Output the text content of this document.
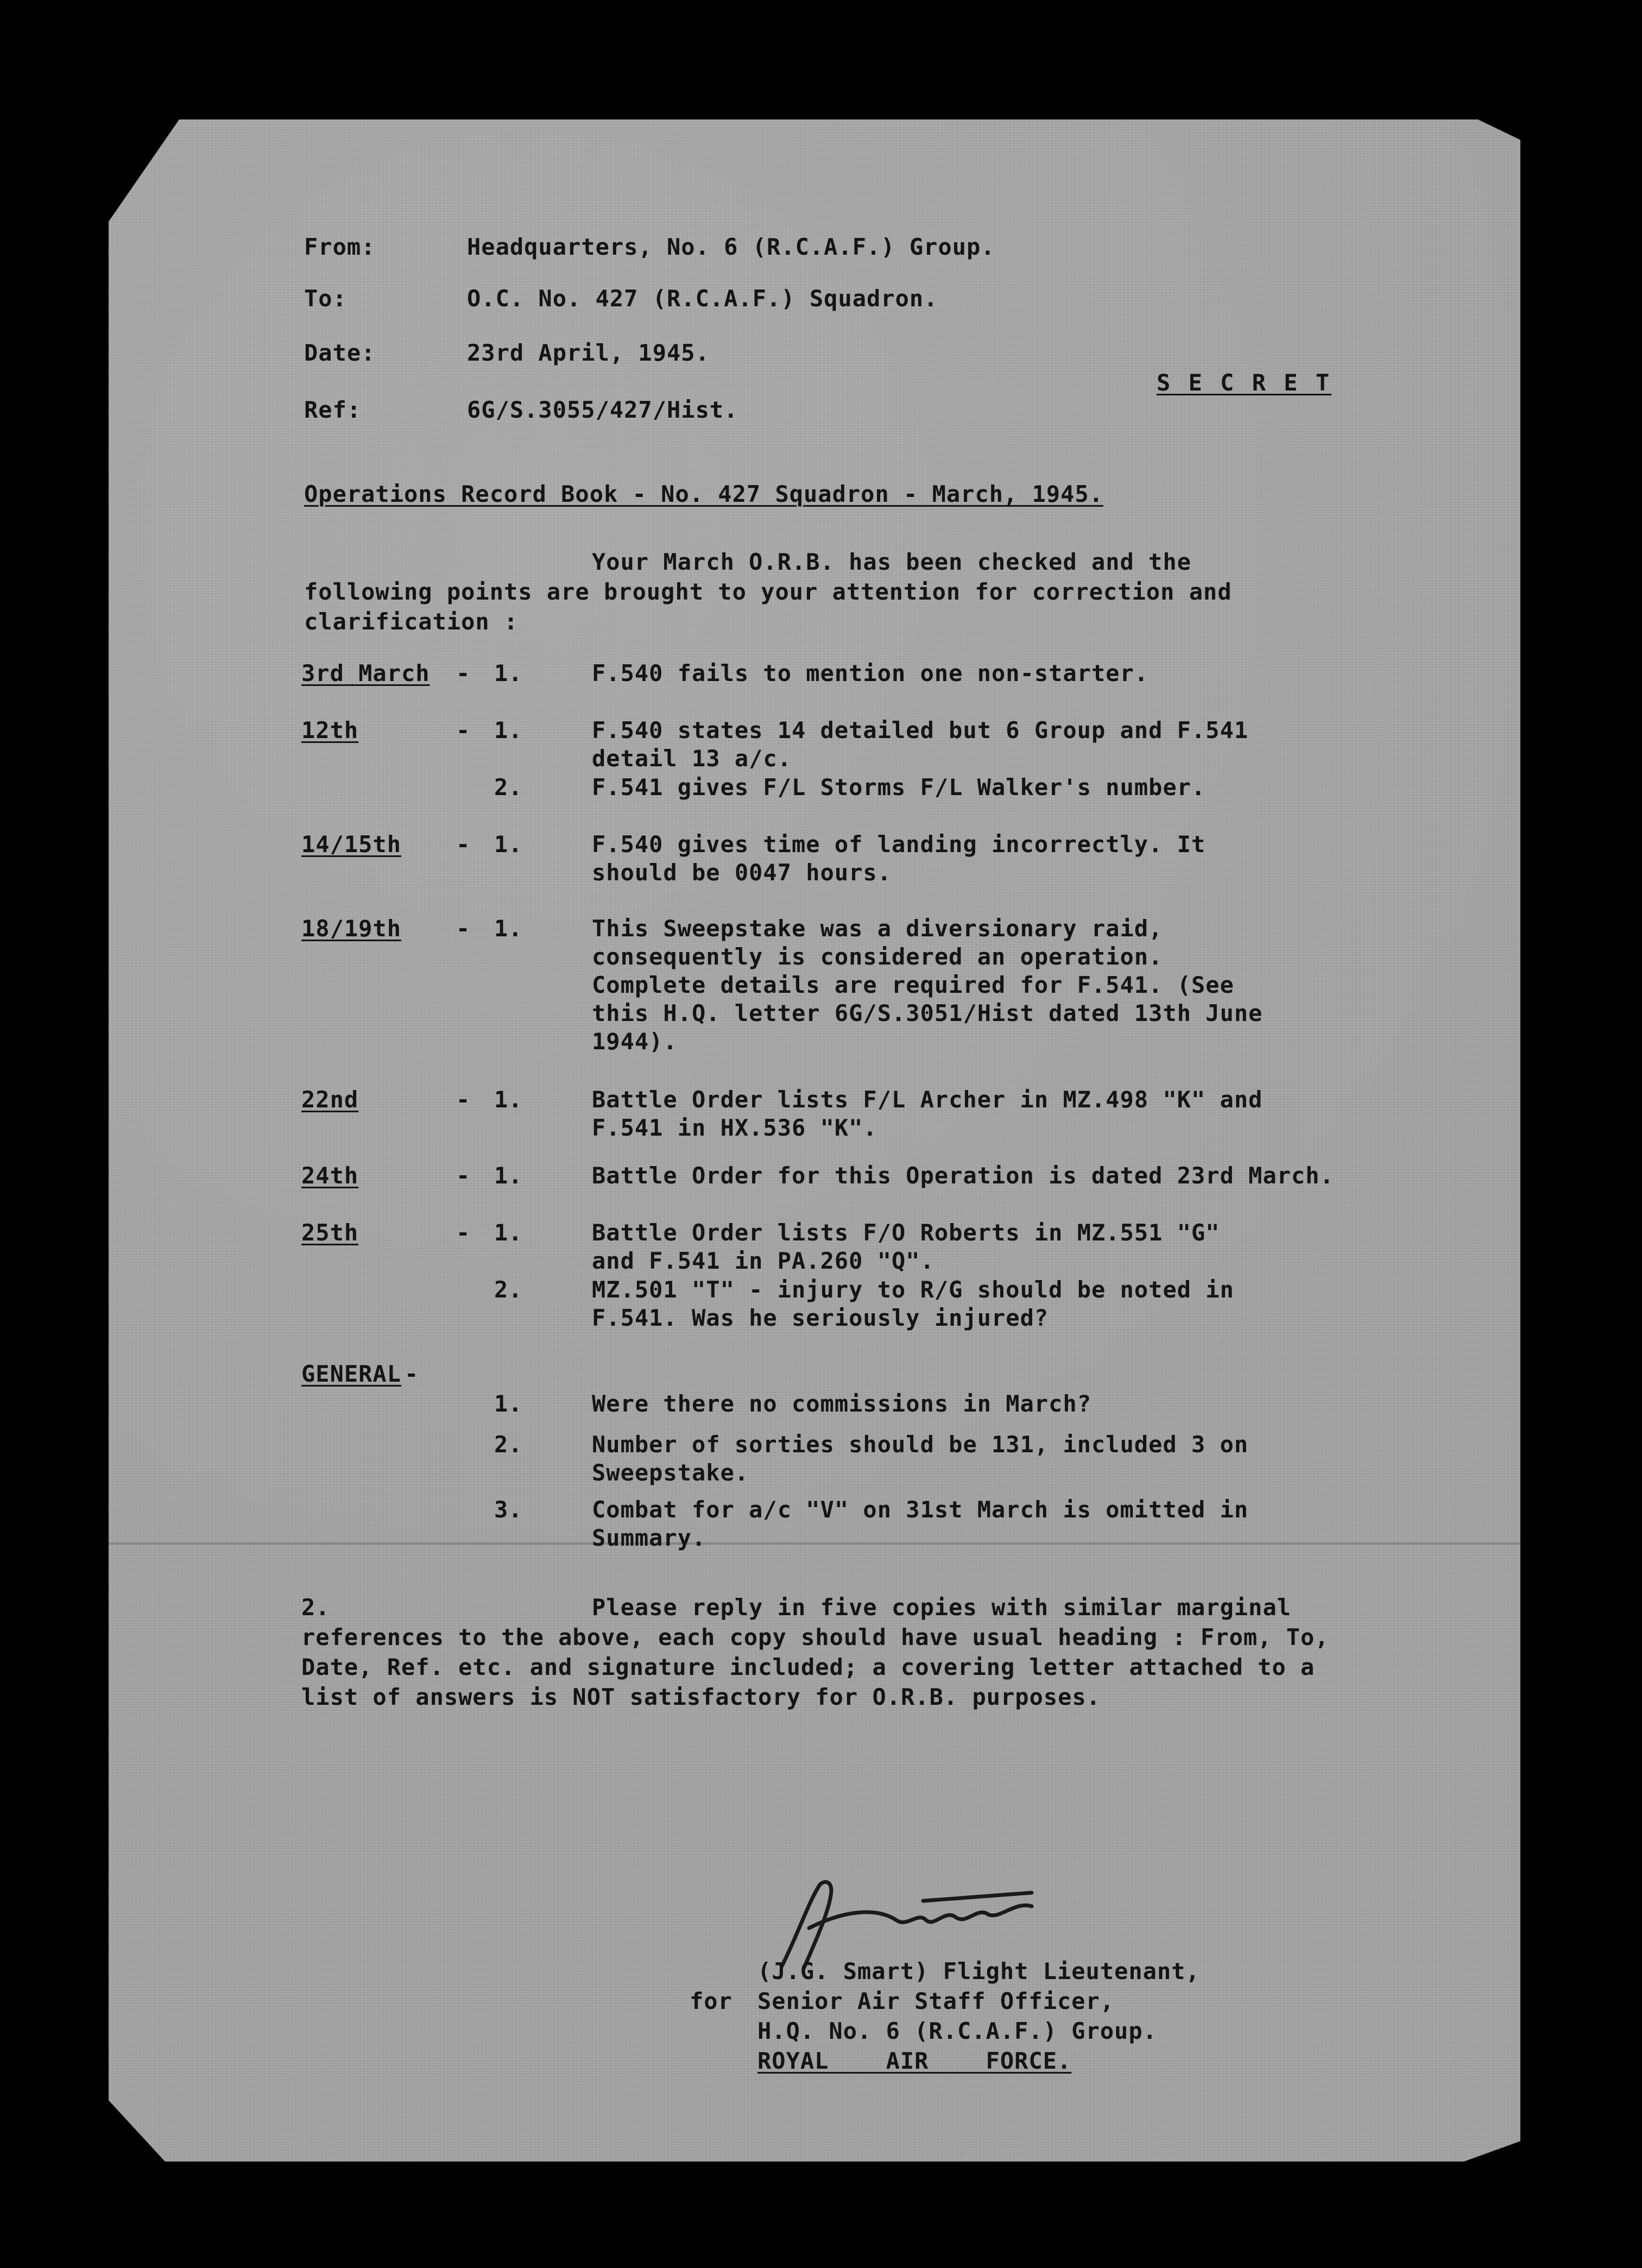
From:	Headquarters, No. 6 (R.C.A.F.) Group.
To:	O.C. No. 427 (R.C.A.F.) Squadron.
Date:	23rd April, 1945.
Ref:	6G/S.3055/427/Hist.
S E C R E T
Operations Record Book - No. 427 Squadron - March, 1945.
Your March O.R.B. has been checked and the
following points are brought to your attention for correction and
clarification :
3rd March - 1.	F.540 fails to mention one non-starter.
12th	- 1.	F.540 states 14 detailed but 6 Group and F.541
detail 13 a/c.
2.	F.541 gives F/L Storms F/L Walker's number.
14/15th - 1.	F.540 gives time of landing incorrectly. It
should be 0047 hours.
18/19th - 1.	This Sweepstake was a diversionary raid,
consequently is considered an operation.
Complete details are required for F.541. (See
this H.Q. letter 6G/S.3051/Hist dated 13th June
1944).
22nd	- 1.	Battle Order lists F/L Archer in MZ.498 "K" and
F.541 in HX.536 "K".
24th	- 1.	Battle Order for this Operation is dated 23rd March.
25th	- 1.	Battle Order lists F/O Roberts in MZ.551 "G"
and F.541 in PA.260 "Q".
2.	MZ.501 "T" - injury to R/G should be noted in
F.541. Was he seriously injured?
GENERAL -
1.	Were there no commissions in March?
2.	Number of sorties should be 131, included 3 on
Sweepstake.
3.	Combat for a/c "V" on 31st March is omitted in
Summary.
2.	Please reply in five copies with similar marginal
references to the above, each copy should have usual heading : From, To,
Date, Ref. etc. and signature included; a covering letter attached to a
list of answers is NOT satisfactory for O.R.B. purposes.
(J.G. Smart) Flight Lieutenant,
for Senior Air Staff Officer,
H.Q. No. 6 (R.C.A.F.) Group.
ROYAL    AIR    FORCE.
